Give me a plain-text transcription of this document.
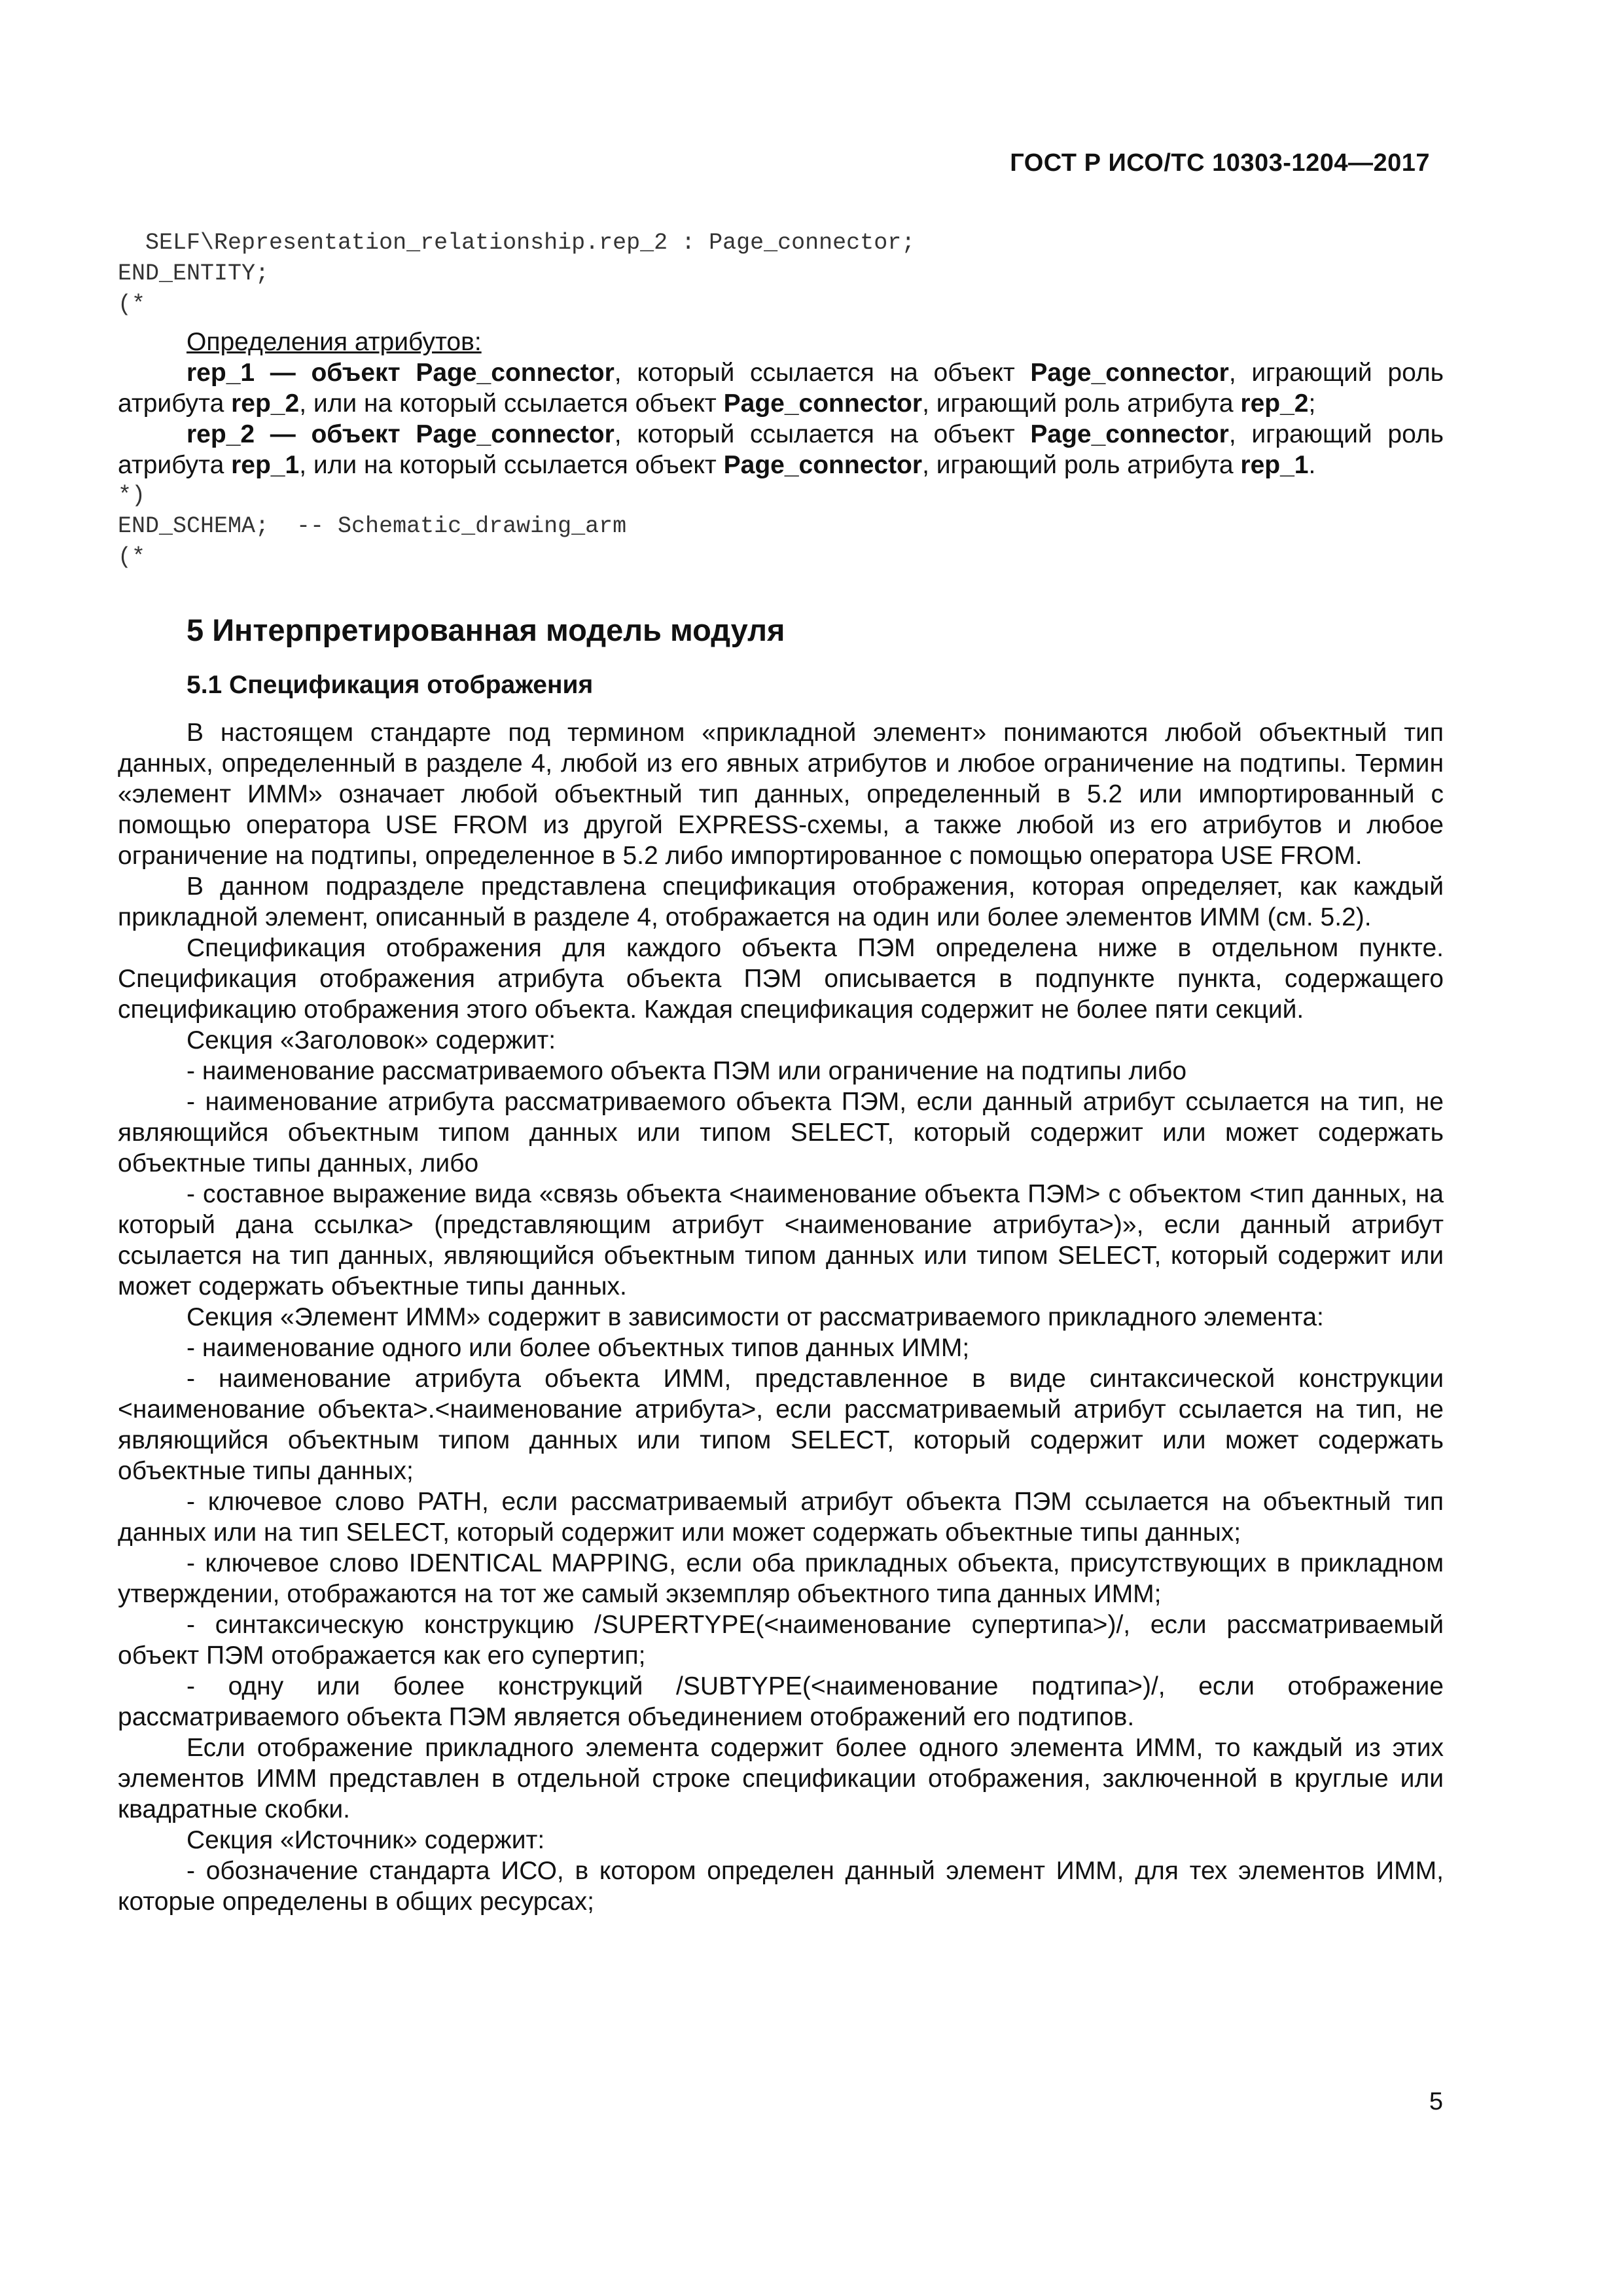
ГОСТ Р ИСО/ТС 10303-1204—2017
SELF\Representation_relationship.rep_2 : Page_connector;
END_ENTITY;
(*

Определения атрибутов:

rep_1 — объект Page_connector, который ссылается на объект Page_connector, играющий роль атрибута rep_2, или на который ссылается объект Page_connector, играющий роль атрибута rep_2;

rep_2 — объект Page_connector, который ссылается на объект Page_connector, играющий роль атрибута rep_1, или на который ссылается объект Page_connector, играющий роль атрибута rep_1.

*)
END_SCHEMA;  -- Schematic_drawing_arm
(*
5 Интерпретированная модель модуля
5.1 Спецификация отображения

В настоящем стандарте под термином «прикладной элемент» понимаются любой объектный тип данных, определенный в разделе 4, любой из его явных атрибутов и любое ограничение на подтипы. Термин «элемент ИММ» означает любой объектный тип данных, определенный в 5.2 или импортированный с помощью оператора USE FROM из другой EXPRESS-схемы, а также любой из его атрибутов и любое ограничение на подтипы, определенное в 5.2 либо импортированное с помощью оператора USE FROM.

В данном подразделе представлена спецификация отображения, которая определяет, как каждый прикладной элемент, описанный в разделе 4, отображается на один или более элементов ИММ (см. 5.2).

Спецификация отображения для каждого объекта ПЭМ определена ниже в отдельном пункте. Спецификация отображения атрибута объекта ПЭМ описывается в подпункте пункта, содержащего спецификацию отображения этого объекта. Каждая спецификация содержит не более пяти секций.

Секция «Заголовок» содержит:

- наименование рассматриваемого объекта ПЭМ или ограничение на подтипы либо

- наименование атрибута рассматриваемого объекта ПЭМ, если данный атрибут ссылается на тип, не являющийся объектным типом данных или типом SELECT, который содержит или может содержать объектные типы данных, либо

- составное выражение вида «связь объекта <наименование объекта ПЭМ> с объектом <тип данных, на который дана ссылка> (представляющим атрибут <наименование атрибута>)», если данный атрибут ссылается на тип данных, являющийся объектным типом данных или типом SELECT, который содержит или может содержать объектные типы данных.

Секция «Элемент ИММ» содержит в зависимости от рассматриваемого прикладного элемента:

- наименование одного или более объектных типов данных ИММ;

- наименование атрибута объекта ИММ, представленное в виде синтаксической конструкции <наименование объекта>.<наименование атрибута>, если рассматриваемый атрибут ссылается на тип, не являющийся объектным типом данных или типом SELECT, который содержит или может содержать объектные типы данных;

- ключевое слово PATH, если рассматриваемый атрибут объекта ПЭМ ссылается на объектный тип данных или на тип SELECT, который содержит или может содержать объектные типы данных;

- ключевое слово IDENTICAL MAPPING, если оба прикладных объекта, присутствующих в прикладном утверждении, отображаются на тот же самый экземпляр объектного типа данных ИММ;

- синтаксическую конструкцию /SUPERTYPE(<наименование супертипа>)/, если рассматриваемый объект ПЭМ отображается как его супертип;

- одну или более конструкций /SUBTYPE(<наименование подтипа>)/, если отображение рассматриваемого объекта ПЭМ является объединением отображений его подтипов.

Если отображение прикладного элемента содержит более одного элемента ИММ, то каждый из этих элементов ИММ представлен в отдельной строке спецификации отображения, заключенной в круглые или квадратные скобки.

Секция «Источник» содержит:

- обозначение стандарта ИСО, в котором определен данный элемент ИММ, для тех элементов ИММ, которые определены в общих ресурсах;

5
